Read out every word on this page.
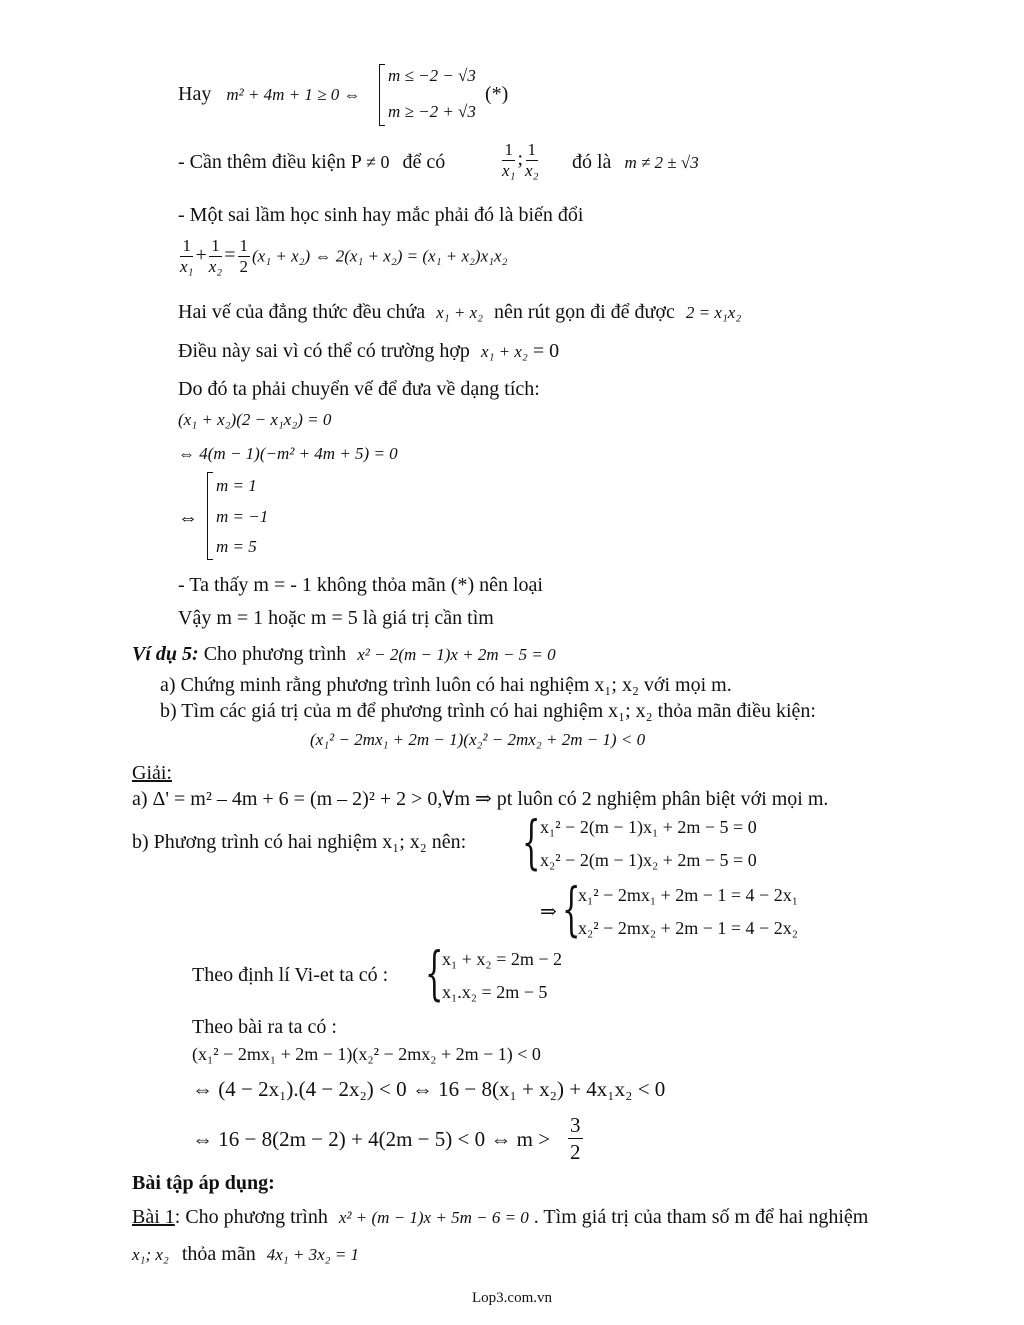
Hay m² + 4m + 1 ≥ 0 ⇔
m ≤ −2 − √3
m ≥ −2 + √3
(*)
- Cần thêm điều kiện P ≠ 0 để có	$\frac{1}{\text{x₁}}$ ; $\frac{1}{\text{x₂}}$ đó là m ≠ 2 ± √3
- Một sai lầm học sinh hay mắc phải đó là biến đổi
$\frac{1}{\text{x₁}} + \frac{1}{\text{x₂}} = \frac{1}{2} (x_1 + x_2)$ ⇔ 2(x₁ + x₂) = (x₁ + x₂)x₁x₂
Hai vế của đẳng thức đều chứa x₁ + x₂ nên rút gọn đi để được 2 = x₁x₂
Điều này sai vì có thể có trường hợp x₁ + x₂ = 0
Do đó ta phải chuyển vế để đưa về dạng tích:
(x₁ + x₂)(2 − x₁x₂) = 0
⇔ 4(m − 1)(−m² + 4m + 5) = 0
⇔
m = 1
m = −1
m = 5
- Ta thấy m = - 1 không thỏa mãn (*) nên loại
Vậy m = 1 hoặc m = 5 là giá trị cần tìm
Ví dụ 5: Cho phương trình x² − 2(m − 1)x + 2m − 5 = 0
a) Chứng minh rằng phương trình luôn có hai nghiệm x₁; x₂ với mọi m.
b) Tìm các giá trị của m để phương trình có hai nghiệm x₁; x₂ thỏa mãn điều kiện:
(x₁² − 2mx₁ + 2m − 1)(x₂² − 2mx₂ + 2m − 1) < 0
Giải:
a) Δ' = m² – 4m + 6 = (m – 2)² + 2 > 0,∀m ⇒ pt luôn có 2 nghiệm phân biệt với mọi m.
b) Phương trình có hai nghiệm x₁; x₂ nên: { x₁² − 2(m − 1)x₁ + 2m − 5 = 0
x₂² − 2(m − 1)x₂ + 2m − 5 = 0
⇒ {
x₁² − 2mx₁ + 2m − 1 = 4 − 2x₁
x₂² − 2mx₂ + 2m − 1 = 4 − 2x₂
Theo định lí Vi-et ta có : {
x₁ + x₂ = 2m − 2
x₁.x₂ = 2m − 5
Theo bài ra ta có :
(x₁² − 2mx₁ + 2m − 1)(x₂² − 2mx₂ + 2m − 1) < 0
⇔ (4 − 2x₁).(4 − 2x₂) < 0 ⇔ 16 − 8(x₁ + x₂) + 4x₁x₂ < 0
⇔ 16 − 8(2m − 2) + 4(2m − 5) < 0 ⇔ $m > \frac{3}{2}$
Bài tập áp dụng:
Bài 1: Cho phương trình x² + (m − 1)x + 5m − 6 = 0 . Tìm giá trị của tham số m để hai nghiệm
x₁; x₂ thỏa mãn 4x₁ + 3x₂ = 1
Lop3.com.vn
